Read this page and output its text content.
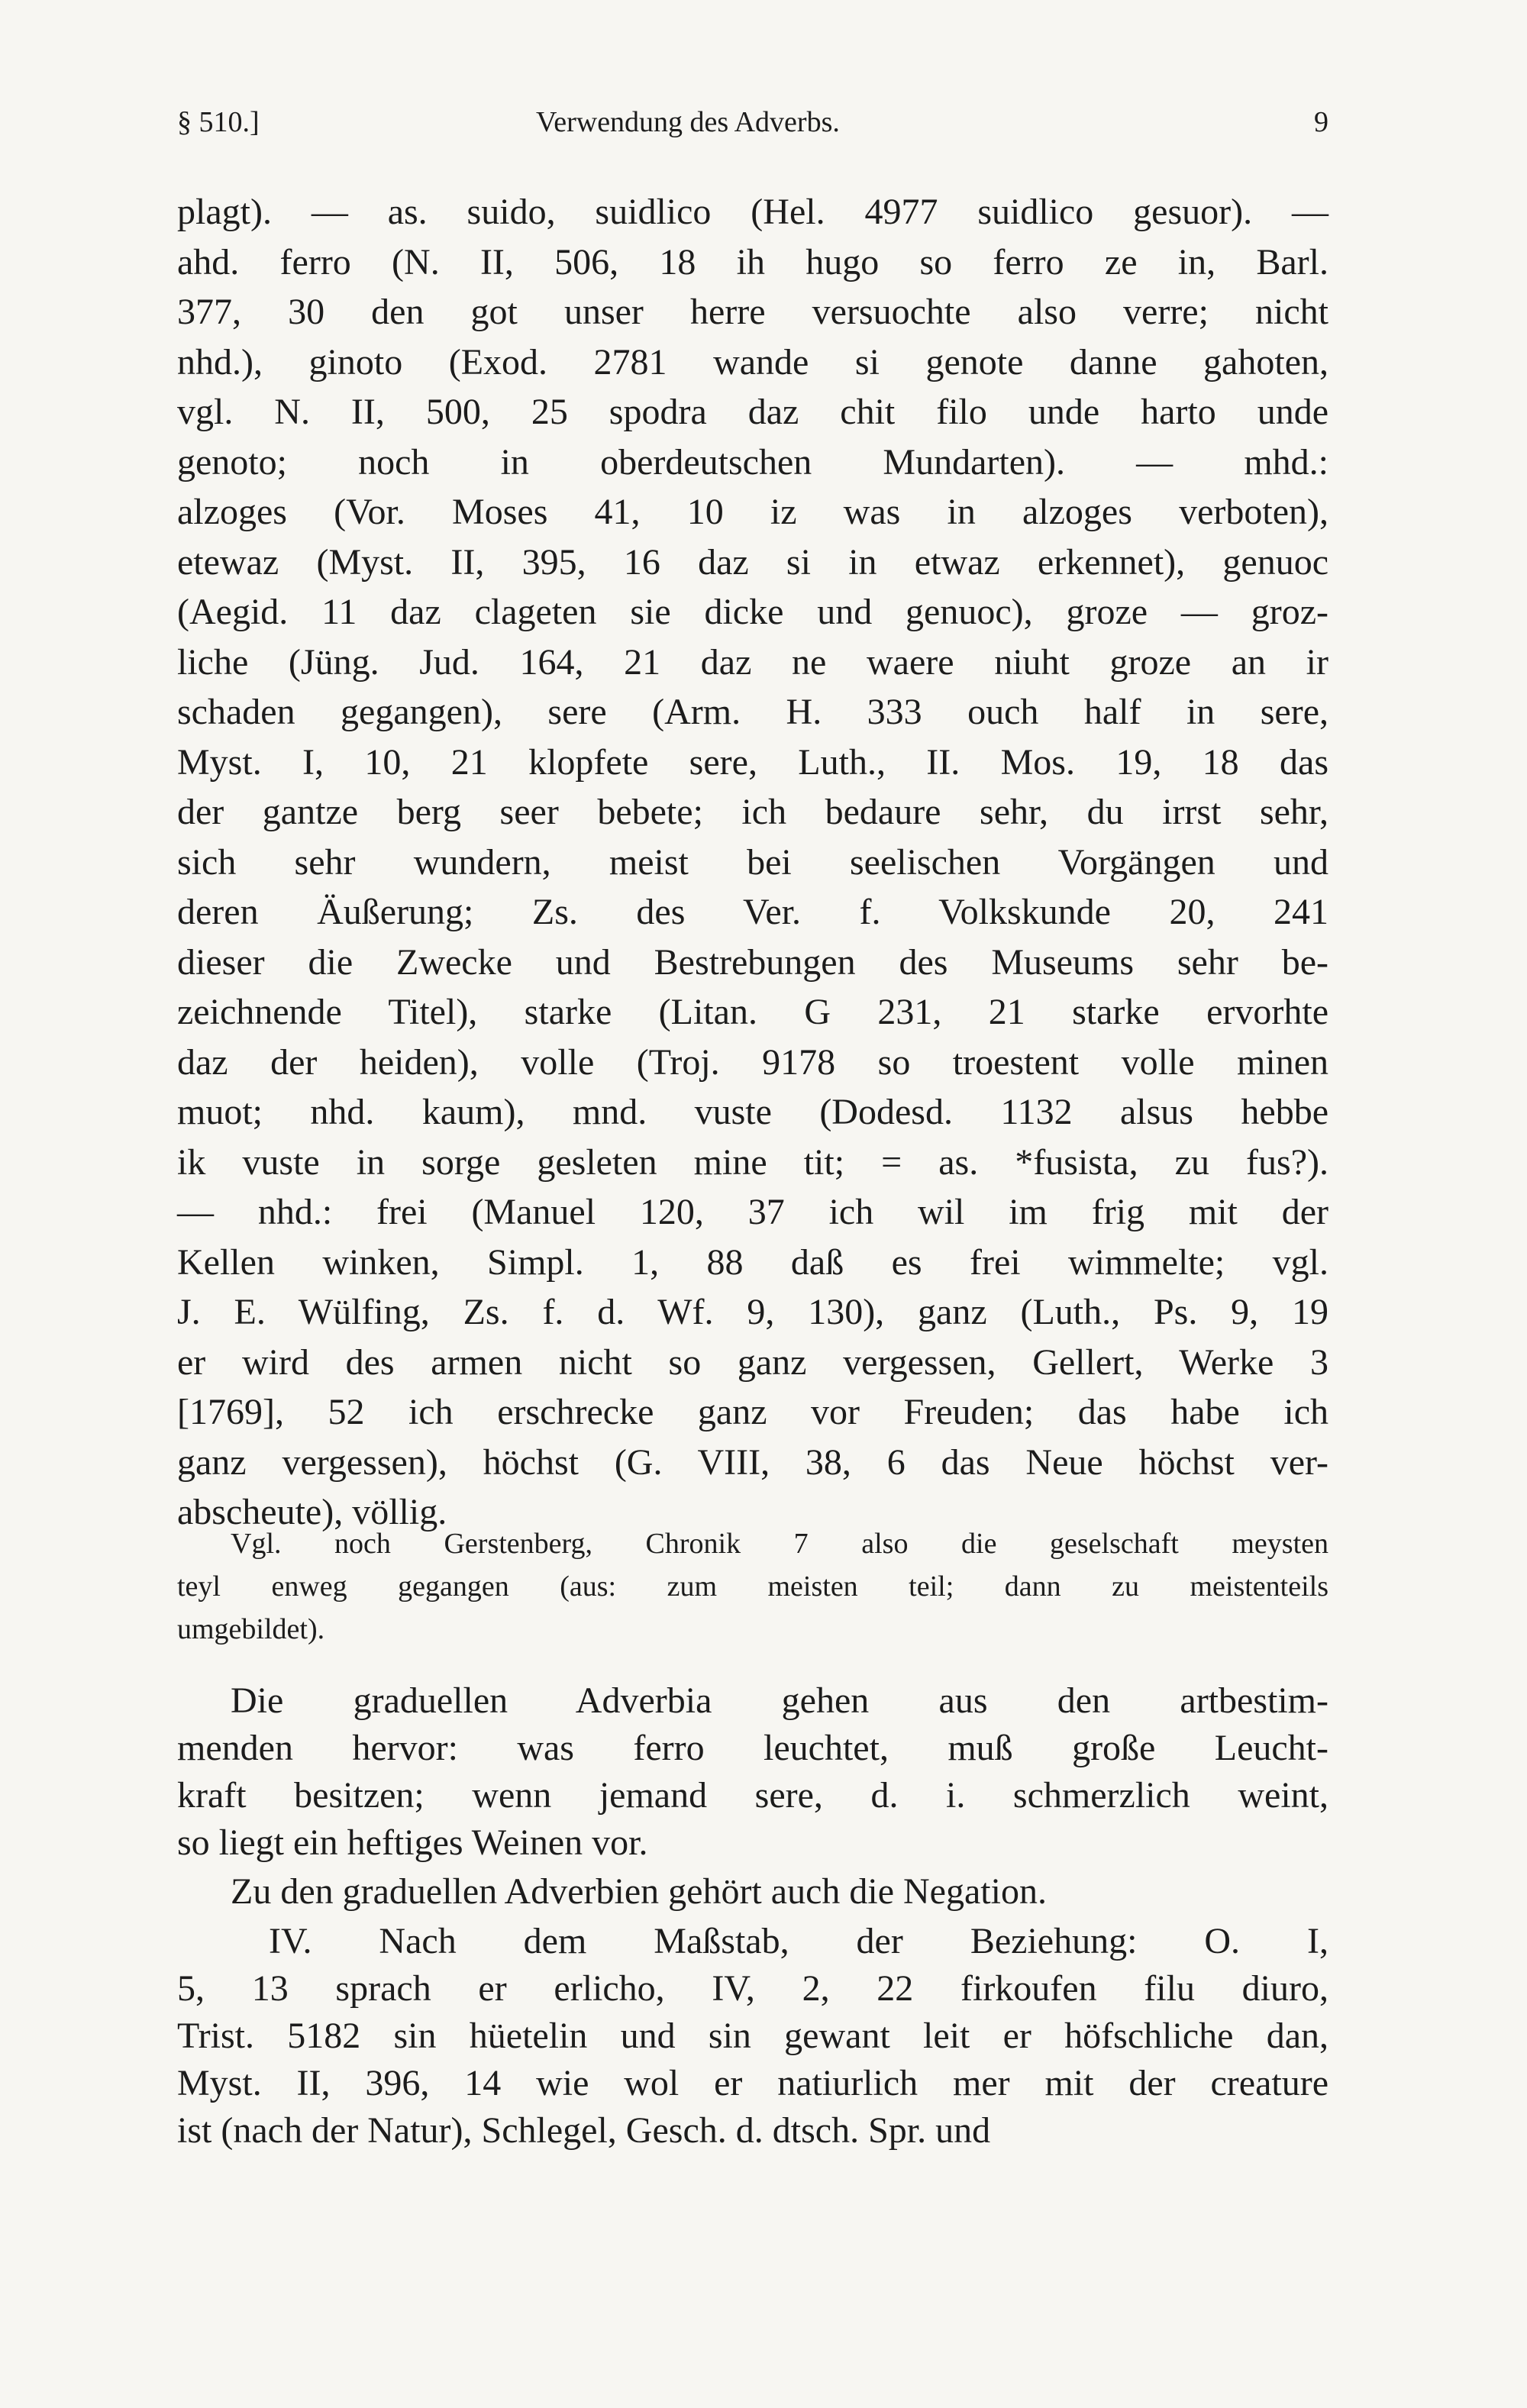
§ 510.]	Verwendung des Adverbs.	9
plagt). — as. suido, suidlico (Hel. 4977 suidlico gesuor). —
ahd. ferro (N. II, 506, 18 ih hugo so ferro ze in, Barl.
377, 30 den got unser herre versuochte also verre; nicht
nhd.), ginoto (Exod. 2781 wande si genote danne gahoten,
vgl. N. II, 500, 25 spodra daz chit filo unde harto unde
genoto; noch in oberdeutschen Mundarten). — mhd.:
alzoges (Vor. Moses 41, 10 iz was in alzoges verboten),
etewaz (Myst. II, 395, 16 daz si in etwaz erkennet), genuoc
(Aegid. 11 daz clageten sie dicke und genuoc), groze — groz-
liche (Jüng. Jud. 164, 21 daz ne waere niuht groze an ir
schaden gegangen), sere (Arm. H. 333 ouch half in sere,
Myst. I, 10, 21 klopfete sere, Luth., II. Mos. 19, 18 das
der gantze berg seer bebete; ich bedaure sehr, du irrst sehr,
sich sehr wundern, meist bei seelischen Vorgängen und
deren Äußerung; Zs. des Ver. f. Volkskunde 20, 241
dieser die Zwecke und Bestrebungen des Museums sehr be-
zeichnende Titel), starke (Litan. G 231, 21 starke ervorhte
daz der heiden), volle (Troj. 9178 so troestent volle minen
muot; nhd. kaum), mnd. vuste (Dodesd. 1132 alsus hebbe
ik vuste in sorge gesleten mine tit; = as. *fusista, zu fus?).
— nhd.: frei (Manuel 120, 37 ich wil im frig mit der
Kellen winken, Simpl. 1, 88 daß es frei wimmelte; vgl.
J. E. Wülfing, Zs. f. d. Wf. 9, 130), ganz (Luth., Ps. 9, 19
er wird des armen nicht so ganz vergessen, Gellert, Werke 3
[1769], 52 ich erschrecke ganz vor Freuden; das habe ich
ganz vergessen), höchst (G. VIII, 38, 6 das Neue höchst ver-
abscheute), völlig.
Vgl. noch Gerstenberg, Chronik 7 also die geselschaft meysten
teyl enweg gegangen (aus: zum meisten teil; dann zu meistenteils
umgebildet).
Die graduellen Adverbia gehen aus den artbestim-
menden hervor: was ferro leuchtet, muß große Leucht-
kraft besitzen; wenn jemand sere, d. i. schmerzlich weint,
so liegt ein heftiges Weinen vor.
Zu den graduellen Adverbien gehört auch die Negation.
IV. Nach dem Maßstab, der Beziehung: O. I,
5, 13 sprach er erlicho, IV, 2, 22 firkoufen filu diuro,
Trist. 5182 sin hüetelin und sin gewant leit er höfschliche dan,
Myst. II, 396, 14 wie wol er natiurlich mer mit der creature
ist (nach der Natur), Schlegel, Gesch. d. dtsch. Spr. und
